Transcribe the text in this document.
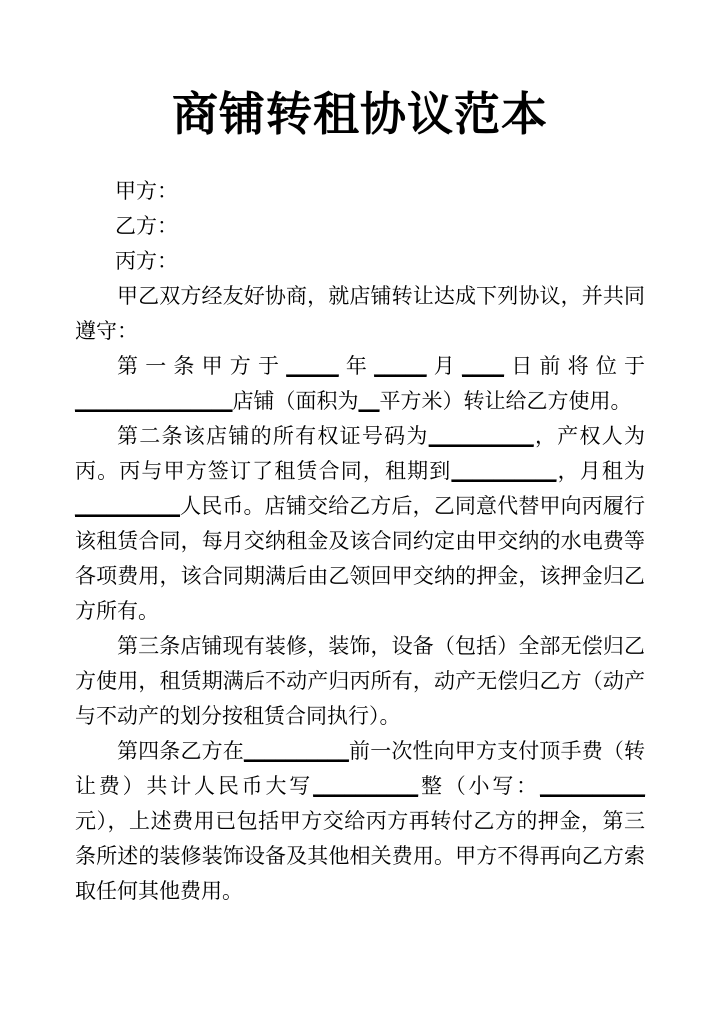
商铺转租协议范本
甲方：
乙方：
丙方：

甲乙双方经友好协商，就店铺转让达成下列协议，并共同遵守：

第一条甲方于_____年_____月____日前将位于_______________店铺（面积为__平方米）转让给乙方使用。

第二条该店铺的所有权证号码为__________，产权人为丙。丙与甲方签订了租赁合同，租期到__________，月租为__________人民币。店铺交给乙方后，乙同意代替甲向丙履行该租赁合同，每月交纳租金及该合同约定由甲交纳的水电费等各项费用，该合同期满后由乙领回甲交纳的押金，该押金归乙方所有。

第三条店铺现有装修，装饰，设备（包括）全部无偿归乙方使用，租赁期满后不动产归丙所有，动产无偿归乙方（动产与不动产的划分按租赁合同执行）。

第四条乙方在__________前一次性向甲方支付顶手费（转让费）共计人民币大写__________整（小写：__________元），上述费用已包括甲方交给丙方再转付乙方的押金，第三条所述的装修装饰设备及其他相关费用。甲方不得再向乙方索取任何其他费用。
